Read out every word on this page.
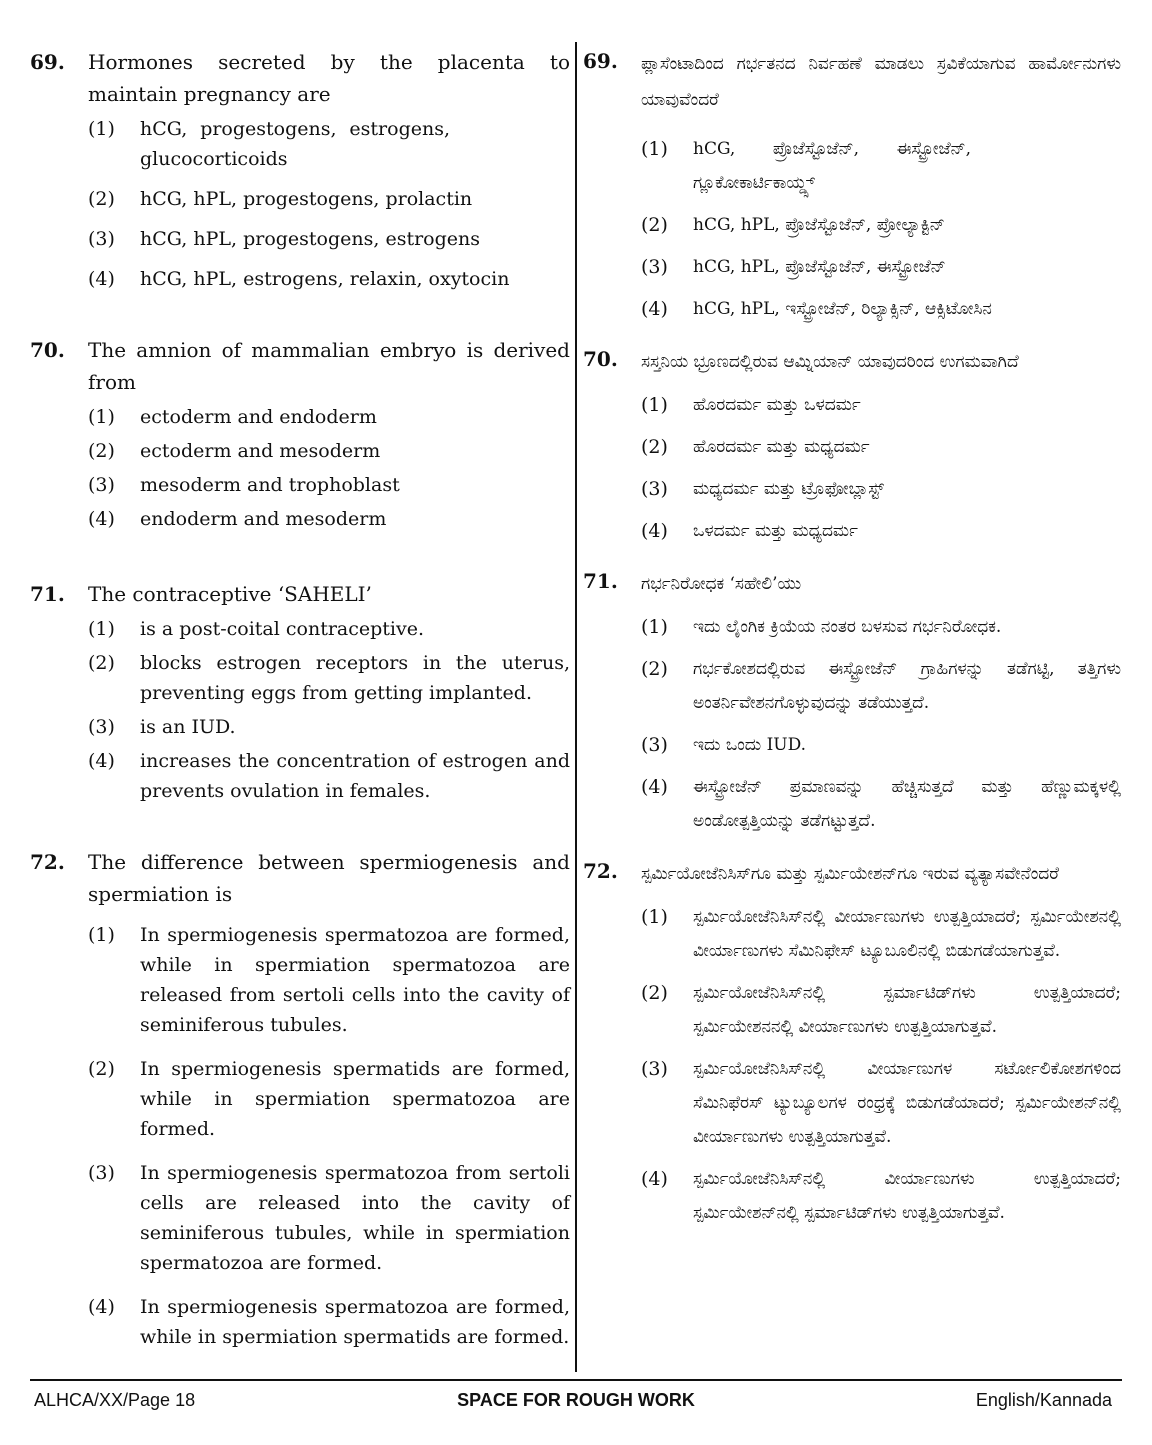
69.	Hormones secreted by the placenta to maintain pregnancy are
(1)	hCG, progestogens, estrogens, glucocorticoids
(2)	hCG, hPL, progestogens, prolactin
(3)	hCG, hPL, progestogens, estrogens
(4)	hCG, hPL, estrogens, relaxin, oxytocin
70.	The amnion of mammalian embryo is derived from
(1)	ectoderm and endoderm
(2)	ectoderm and mesoderm
(3)	mesoderm and trophoblast
(4)	endoderm and mesoderm
71.	The contraceptive ‘SAHELI’
(1)	is a post-coital contraceptive.
(2)	blocks estrogen receptors in the uterus, preventing eggs from getting implanted.
(3)	is an IUD.
(4)	increases the concentration of estrogen and prevents ovulation in females.
72.	The difference between spermiogenesis and spermiation is
(1)	In spermiogenesis spermatozoa are formed, while in spermiation spermatozoa are released from sertoli cells into the cavity of seminiferous tubules.
(2)	In spermiogenesis spermatids are formed, while in spermiation spermatozoa are formed.
(3)	In spermiogenesis spermatozoa from sertoli cells are released into the cavity of seminiferous tubules, while in spermiation spermatozoa are formed.
(4)	In spermiogenesis spermatozoa are formed, while in spermiation spermatids are formed.
69.	ಪ್ಲಾಸೆಂಟಾದಿಂದ ಗರ್ಭತನದ ನಿರ್ವಹಣೆ ಮಾಡಲು ಸ್ರವಿಕೆಯಾಗುವ ಹಾರ್ಮೋನುಗಳು ಯಾವುವೆಂದರೆ
(1)	hCG, ಪ್ರೊಜೆಸ್ಟೊಜೆನ್, ಈಸ್ಟ್ರೋಜೆನ್, ಗ್ಲೂಕೋಕಾರ್ಟಿಕಾಯ್ಡ್ಸ್
(2)	hCG, hPL, ಪ್ರೊಜೆಸ್ಟೊಜೆನ್, ಪ್ರೋಲ್ಯಾಕ್ಟಿನ್
(3)	hCG, hPL, ಪ್ರೊಜೆಸ್ಟೊಜೆನ್, ಈಸ್ಟ್ರೋಜೆನ್
(4)	hCG, hPL, ಇಸ್ಟ್ರೋಜೆನ್, ರಿಲ್ಯಾಕ್ಸಿನ್, ಆಕ್ಸಿಟೋಸಿನ
70.	ಸಸ್ತನಿಯ ಭ್ರೂಣದಲ್ಲಿರುವ ಆಮ್ನಿಯಾನ್ ಯಾವುದರಿಂದ ಉಗಮವಾಗಿದೆ
(1)	ಹೊರದರ್ಮ ಮತ್ತು ಒಳದರ್ಮ
(2)	ಹೊರದರ್ಮ ಮತ್ತು ಮಧ್ಯದರ್ಮ
(3)	ಮಧ್ಯದರ್ಮ ಮತ್ತು ಟ್ರೊಫೋಬ್ಲಾಸ್ಟ್
(4)	ಒಳದರ್ಮ ಮತ್ತು ಮಧ್ಯದರ್ಮ
71.	ಗರ್ಭನಿರೋಧಕ ‘ಸಹೇಲಿ’ಯು
(1)	ಇದು ಲೈಂಗಿಕ ಕ್ರಿಯೆಯ ನಂತರ ಬಳಸುವ ಗರ್ಭನಿರೋಧಕ.
(2)	ಗರ್ಭಕೋಶದಲ್ಲಿರುವ ಈಸ್ಟ್ರೋಜೆನ್ ಗ್ರಾಹಿಗಳನ್ನು ತಡೆಗಟ್ಟಿ, ತತ್ತಿಗಳು ಅಂತರ್ನಿವೇಶನಗೊಳ್ಳುವುದನ್ನು ತಡೆಯುತ್ತದೆ.
(3)	ಇದು ಒಂದು IUD.
(4)	ಈಸ್ಟ್ರೋಜೆನ್ ಪ್ರಮಾಣವನ್ನು ಹೆಚ್ಚಿಸುತ್ತದೆ ಮತ್ತು ಹೆಣ್ಣುಮಕ್ಕಳಲ್ಲಿ ಅಂಡೋತ್ಪತ್ತಿಯನ್ನು ತಡೆಗಟ್ಟುತ್ತದೆ.
72.	ಸ್ಪರ್ಮಿಯೋಜೆನಿಸಿಸ್‌ಗೂ ಮತ್ತು ಸ್ಪರ್ಮಿಯೇಶನ್‌ಗೂ ಇರುವ ವ್ಯತ್ಯಾಸವೇನೆಂದರೆ
(1)	ಸ್ಪರ್ಮಿಯೋಜೆನಿಸಿಸ್‌ನಲ್ಲಿ ವೀರ್ಯಾಣುಗಳು ಉತ್ಪತ್ತಿಯಾದರೆ; ಸ್ಪರ್ಮಿಯೇಶನಲ್ಲಿ ವೀರ್ಯಾಣುಗಳು ಸೆಮಿನಿಫೇಸ್ ಟ್ಯೂಬೂಲಿನಲ್ಲಿ ಬಿಡುಗಡೆಯಾಗುತ್ತವೆ.
(2)	ಸ್ಪರ್ಮಿಯೋಜೆನಿಸಿಸ್‌ನಲ್ಲಿ ಸ್ಪರ್ಮಾಟಿಡ್‌ಗಳು ಉತ್ಪತ್ತಿಯಾದರೆ; ಸ್ಪರ್ಮಿಯೇಶನನಲ್ಲಿ ವೀರ್ಯಾಣುಗಳು ಉತ್ಪತ್ತಿಯಾಗುತ್ತವೆ.
(3)	ಸ್ಪರ್ಮಿಯೋಜೆನಿಸಿಸ್‌ನಲ್ಲಿ ವೀರ್ಯಾಣುಗಳ ಸರ್ಟೋಲಿಕೋಶಗಳಿಂದ ಸೆಮಿನಿಫೆರಸ್ ಟ್ಯುಬ್ಯೂಲಗಳ ರಂಧ್ರಕ್ಕೆ ಬಿಡುಗಡೆಯಾದರೆ; ಸ್ಪರ್ಮಿಯೇಶನ್‌ನಲ್ಲಿ ವೀರ್ಯಾಣುಗಳು ಉತ್ಪತ್ತಿಯಾಗುತ್ತವೆ.
(4)	ಸ್ಪರ್ಮಿಯೋಜೆನಿಸಿಸ್‌ನಲ್ಲಿ ವೀರ್ಯಾಣುಗಳು ಉತ್ಪತ್ತಿಯಾದರೆ; ಸ್ಪರ್ಮಿಯೇಶನ್‌ನಲ್ಲಿ ಸ್ಪರ್ಮಾಟಿಡ್‌ಗಳು ಉತ್ಪತ್ತಿಯಾಗುತ್ತವೆ.
ALHCA/XX/Page 18	SPACE FOR ROUGH WORK	English/Kannada
